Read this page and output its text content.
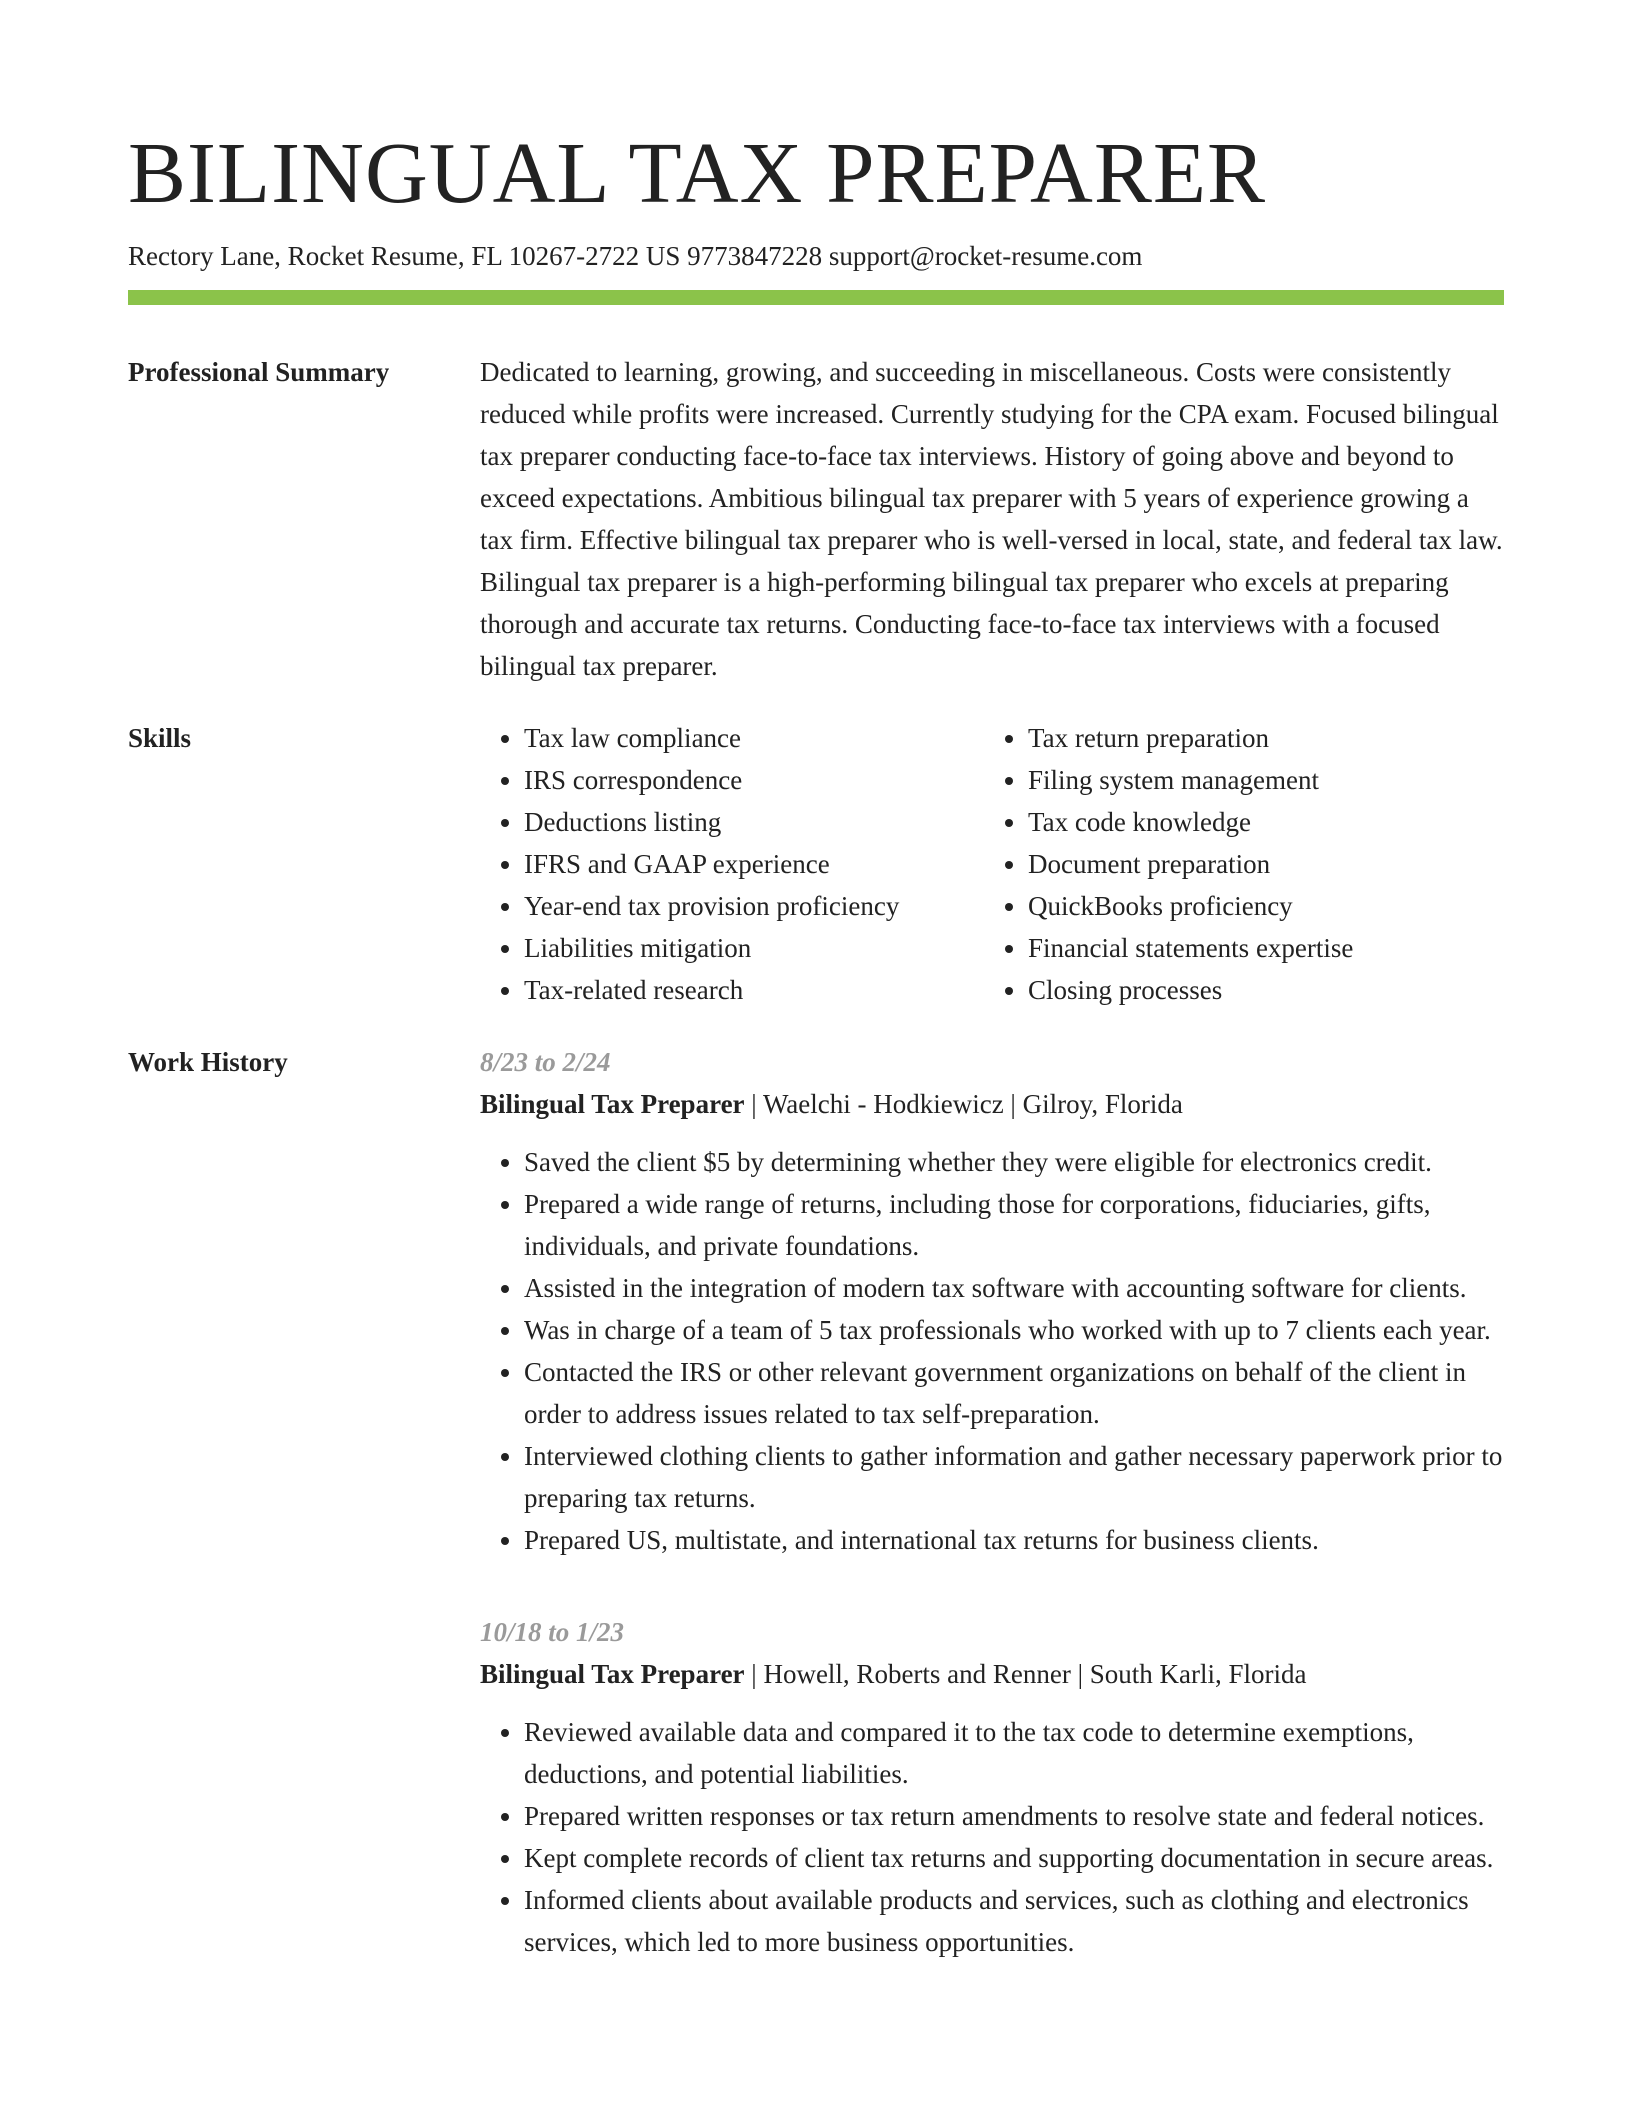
BILINGUAL TAX PREPARER
Rectory Lane, Rocket Resume, FL 10267-2722 US 9773847228 support@rocket-resume.com
Professional Summary	Dedicated to learning, growing, and succeeding in miscellaneous. Costs were consistently reduced while profits were increased. Currently studying for the CPA exam. Focused bilingual tax preparer conducting face-to-face tax interviews. History of going above and beyond to exceed expectations. Ambitious bilingual tax preparer with 5 years of experience growing a tax firm. Effective bilingual tax preparer who is well-versed in local, state, and federal tax law. Bilingual tax preparer is a high-performing bilingual tax preparer who excels at preparing thorough and accurate tax returns. Conducting face-to-face tax interviews with a focused bilingual tax preparer.

Skills
•	Tax law compliance
• IRS correspondence
• Deductions listing
• IFRS and GAAP experience
• Year-end tax provision proficiency
• Liabilities mitigation
• Tax-related research
• Tax return preparation
• Filing system management
• Tax code knowledge
• Document preparation
• QuickBooks proficiency
• Financial statements expertise
• Closing processes
Work History	8/23 to 2/24
Bilingual Tax Preparer | Waelchi - Hodkiewicz | Gilroy, Florida
• Saved the client $5 by determining whether they were eligible for electronics credit.
• Prepared a wide range of returns, including those for corporations, fiduciaries, gifts, individuals, and private foundations.
• Assisted in the integration of modern tax software with accounting software for clients.
• Was in charge of a team of 5 tax professionals who worked with up to 7 clients each year.
• Contacted the IRS or other relevant government organizations on behalf of the client in order to address issues related to tax self-preparation.
• Interviewed clothing clients to gather information and gather necessary paperwork prior to preparing tax returns.
• Prepared US, multistate, and international tax returns for business clients.
10/18 to 1/23
Bilingual Tax Preparer | Howell, Roberts and Renner | South Karli, Florida
• Reviewed available data and compared it to the tax code to determine exemptions, deductions, and potential liabilities.
• Prepared written responses or tax return amendments to resolve state and federal notices.
• Kept complete records of client tax returns and supporting documentation in secure areas.
• Informed clients about available products and services, such as clothing and electronics services, which led to more business opportunities.
